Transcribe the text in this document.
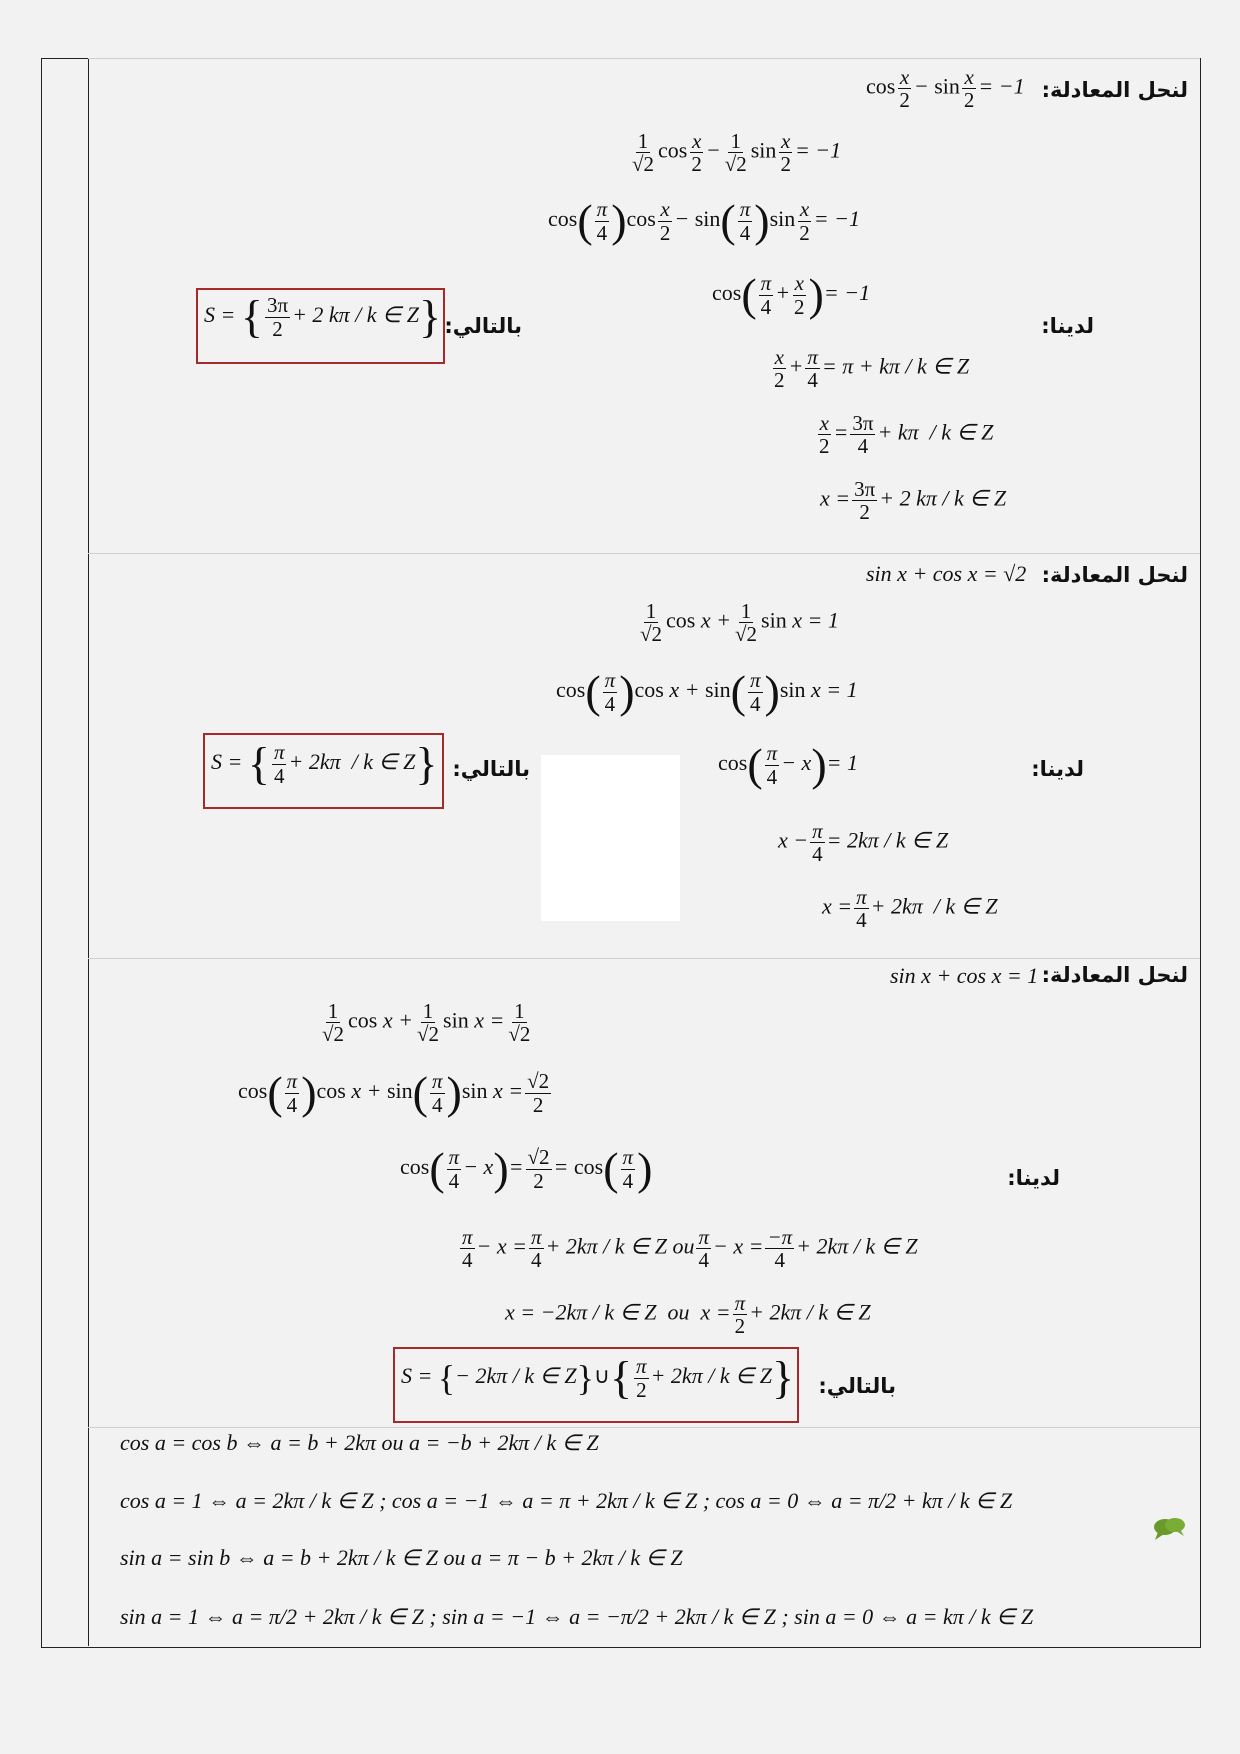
لنحل المعادلة:
$\cos \frac{x}{2} - \sin \frac{x}{2} = -1$
$\frac{1}{√2}$ $\cos \frac{x}{2} - \frac{1}{√2}$ $\sin \frac{x}{2} = -1$
$\cos( \frac{\pi}{4} )\cos \frac{x}{2} - \sin( \frac{\pi}{4} )\sin \frac{x}{2} = -1$
$\cos( \frac{\pi}{4} + \frac{x}{2}$ )= −1
لدينا:
$\frac{x}{2} + \frac{\pi}{4} = \pi + k\pi / k$ ∈ Z
$\frac{x}{2} = \frac{3\pi}{4} + k\pi / k$ ∈ Z
$x = \frac{3\pi}{2} + 2$ kπ / k ∈ Z
بالتالي:
S = { $\frac{3\pi}{2} + 2$ kπ / k ∈ Z}
لنحل المعادلة:
sin x + cos x = √2
$\frac{1}{√2}$ $\cos x + \frac{1}{√2}$ sin x = 1
$\cos( \frac{\pi}{4} )\cos$ $x + \sin( \frac{\pi}{4} )\sin$ x = 1
$\cos( \frac{\pi}{4} - x)= 1$	لدينا:
$x - \frac{\pi}{4} = 2k\pi / k$ ∈ Z
$x = \frac{\pi}{4} + 2k\pi / k$ ∈ Z
بالتالي:
S = { $\frac{\pi}{4} + 2k\pi / k$ ∈ Z}
لنحل المعادلة:
sin x + cos x = 1
$\frac{1}{√2}$ $\cos x + \frac{1}{√2}$ $\sin x = \frac{1}{√2}$
$\cos( \frac{\pi}{4} )\cos$ $x + \sin( \frac{\pi}{4} )\sin$ $x = \frac{√2}{2}$
$\cos( \frac{\pi}{4} - x)= \frac{√2}{2} = \cos( \frac{\pi}{4}$ )	لدينا:
$\frac{\pi}{4} - x = \frac{\pi}{4} + 2k\pi / k$ ∈ Z ou $\frac{\pi}{4} - x = \frac{-\pi}{4} + 2k\pi / k$ ∈ Z
x = −2kπ / k ∈ Z  ou  $x = \frac{\pi}{2} + 2k\pi / k$ ∈ Z
بالتالي:
S = {− 2kπ / k ∈ Z}∪{ $\frac{\pi}{2} + 2k\pi / k$ ∈ Z}
cos a = cos b ⇔ a = b + 2kπ ou a = −b + 2kπ / k ∈ Z
cos a = 1 ⇔ a = 2kπ / k ∈ Z ; cos a = −1 ⇔ a = π + 2kπ / k ∈ Z ; cos a = 0 ⇔ a = π/2 + kπ / k ∈ Z
sin a = sin b ⇔ a = b + 2kπ / k ∈ Z ou a = π − b + 2kπ / k ∈ Z
sin a = 1 ⇔ a = π/2 + 2kπ / k ∈ Z ; sin a = −1 ⇔ a = −π/2 + 2kπ / k ∈ Z ; sin a = 0 ⇔ a = kπ / k ∈ Z
